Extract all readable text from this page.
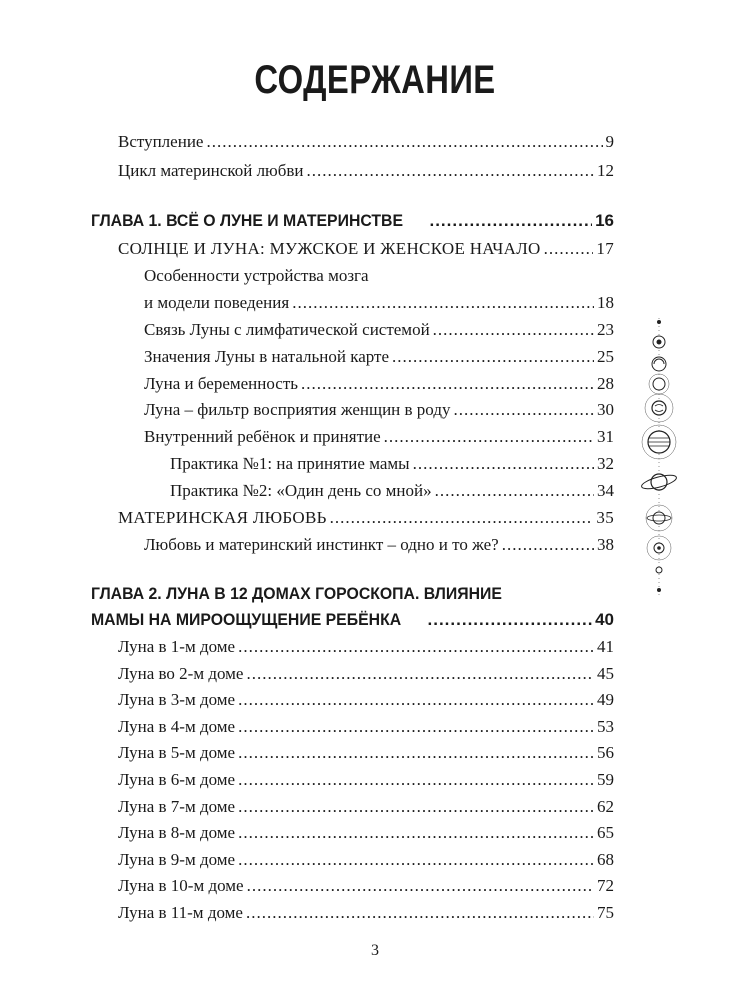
СОДЕРЖАНИЕ
Вступление .....	9
Цикл материнской любви .....	12
ГЛАВА 1. ВСЁ О ЛУНЕ И МАТЕРИНСТВЕ .....	16
СОЛНЦЕ И ЛУНА: МУЖСКОЕ И ЖЕНСКОЕ НАЧАЛО .....	17
Особенности устройства мозга
и модели поведения .....	18
Связь Луны с лимфатической системой .....	23
Значения Луны в натальной карте .....	25
Луна и беременность .....	28
Луна – фильтр восприятия женщин в роду .....	30
Внутренний ребёнок и принятие .....	31
Практика №1: на принятие мамы .....	32
Практика №2: «Один день со мной» .....	34
МАТЕРИНСКАЯ ЛЮБОВЬ .....	35
Любовь и материнский инстинкт – одно и то же? .....	38
ГЛАВА 2. ЛУНА В 12 ДОМАХ ГОРОСКОПА. ВЛИЯНИЕ
МАМЫ НА МИРООЩУЩЕНИЕ РЕБЁНКА .....	40
Луна в 1-м доме .....	41
Луна во 2-м доме .....	45
Луна в 3-м доме .....	49
Луна в 4-м доме .....	53
Луна в 5-м доме .....	56
Луна в 6-м доме .....	59
Луна в 7-м доме .....	62
Луна в 8-м доме .....	65
Луна в 9-м доме .....	68
Луна в 10-м доме .....	72
Луна в 11-м доме .....	75
3
